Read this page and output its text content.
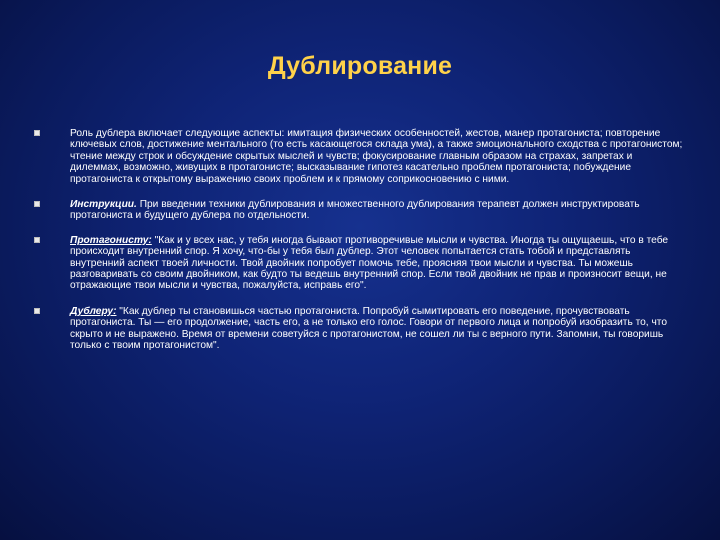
Дублирование
Роль дублера включает следующие аспекты: имитация физических особенностей, жестов, манер протагониста; повторение ключевых слов, достижение ментального (то есть касающегося склада ума), а также эмоционального сходства с протагонистом; чтение между строк и обсуждение скрытых мыслей и чувств; фокусирование главным образом на страхах, запретах и дилеммах, возможно, живущих в протагонисте; высказывание гипотез касательно проблем протагониста; побуждение протагониста к открытому выражению своих проблем и к прямому соприкосновению с ними.
Инструкции. При введении техники дублирования и множественного дублирования терапевт должен инструктировать протагониста и будущего дублера по отдельности.
Протагонисту: "Как и у всех нас, у тебя иногда бывают противоречивые мысли и чувства. Иногда ты ощущаешь, что в тебе происходит внутренний спор. Я хочу, что-бы у тебя был дублер. Этот человек попытается стать тобой и представлять внутренний аспект твоей личности. Твой двойник попробует помочь тебе, проясняя твои мысли и чувства. Ты можешь разговаривать со своим двойником, как будто ты ведешь внутренний спор. Если твой двойник не прав и произносит вещи, не отражающие твои мысли и чувства, пожалуйста, исправь его".
Дублеру: "Как дублер ты становишься частью протагониста. Попробуй сымитировать его поведение, прочувствовать протагониста. Ты — его продолжение, часть его, а не только его голос. Говори от первого лица и попробуй изобразить то, что скрыто и не выражено. Время от времени советуйся с протагонистом, не сошел ли ты с верного пути. Запомни, ты говоришь только с твоим протагонистом".
